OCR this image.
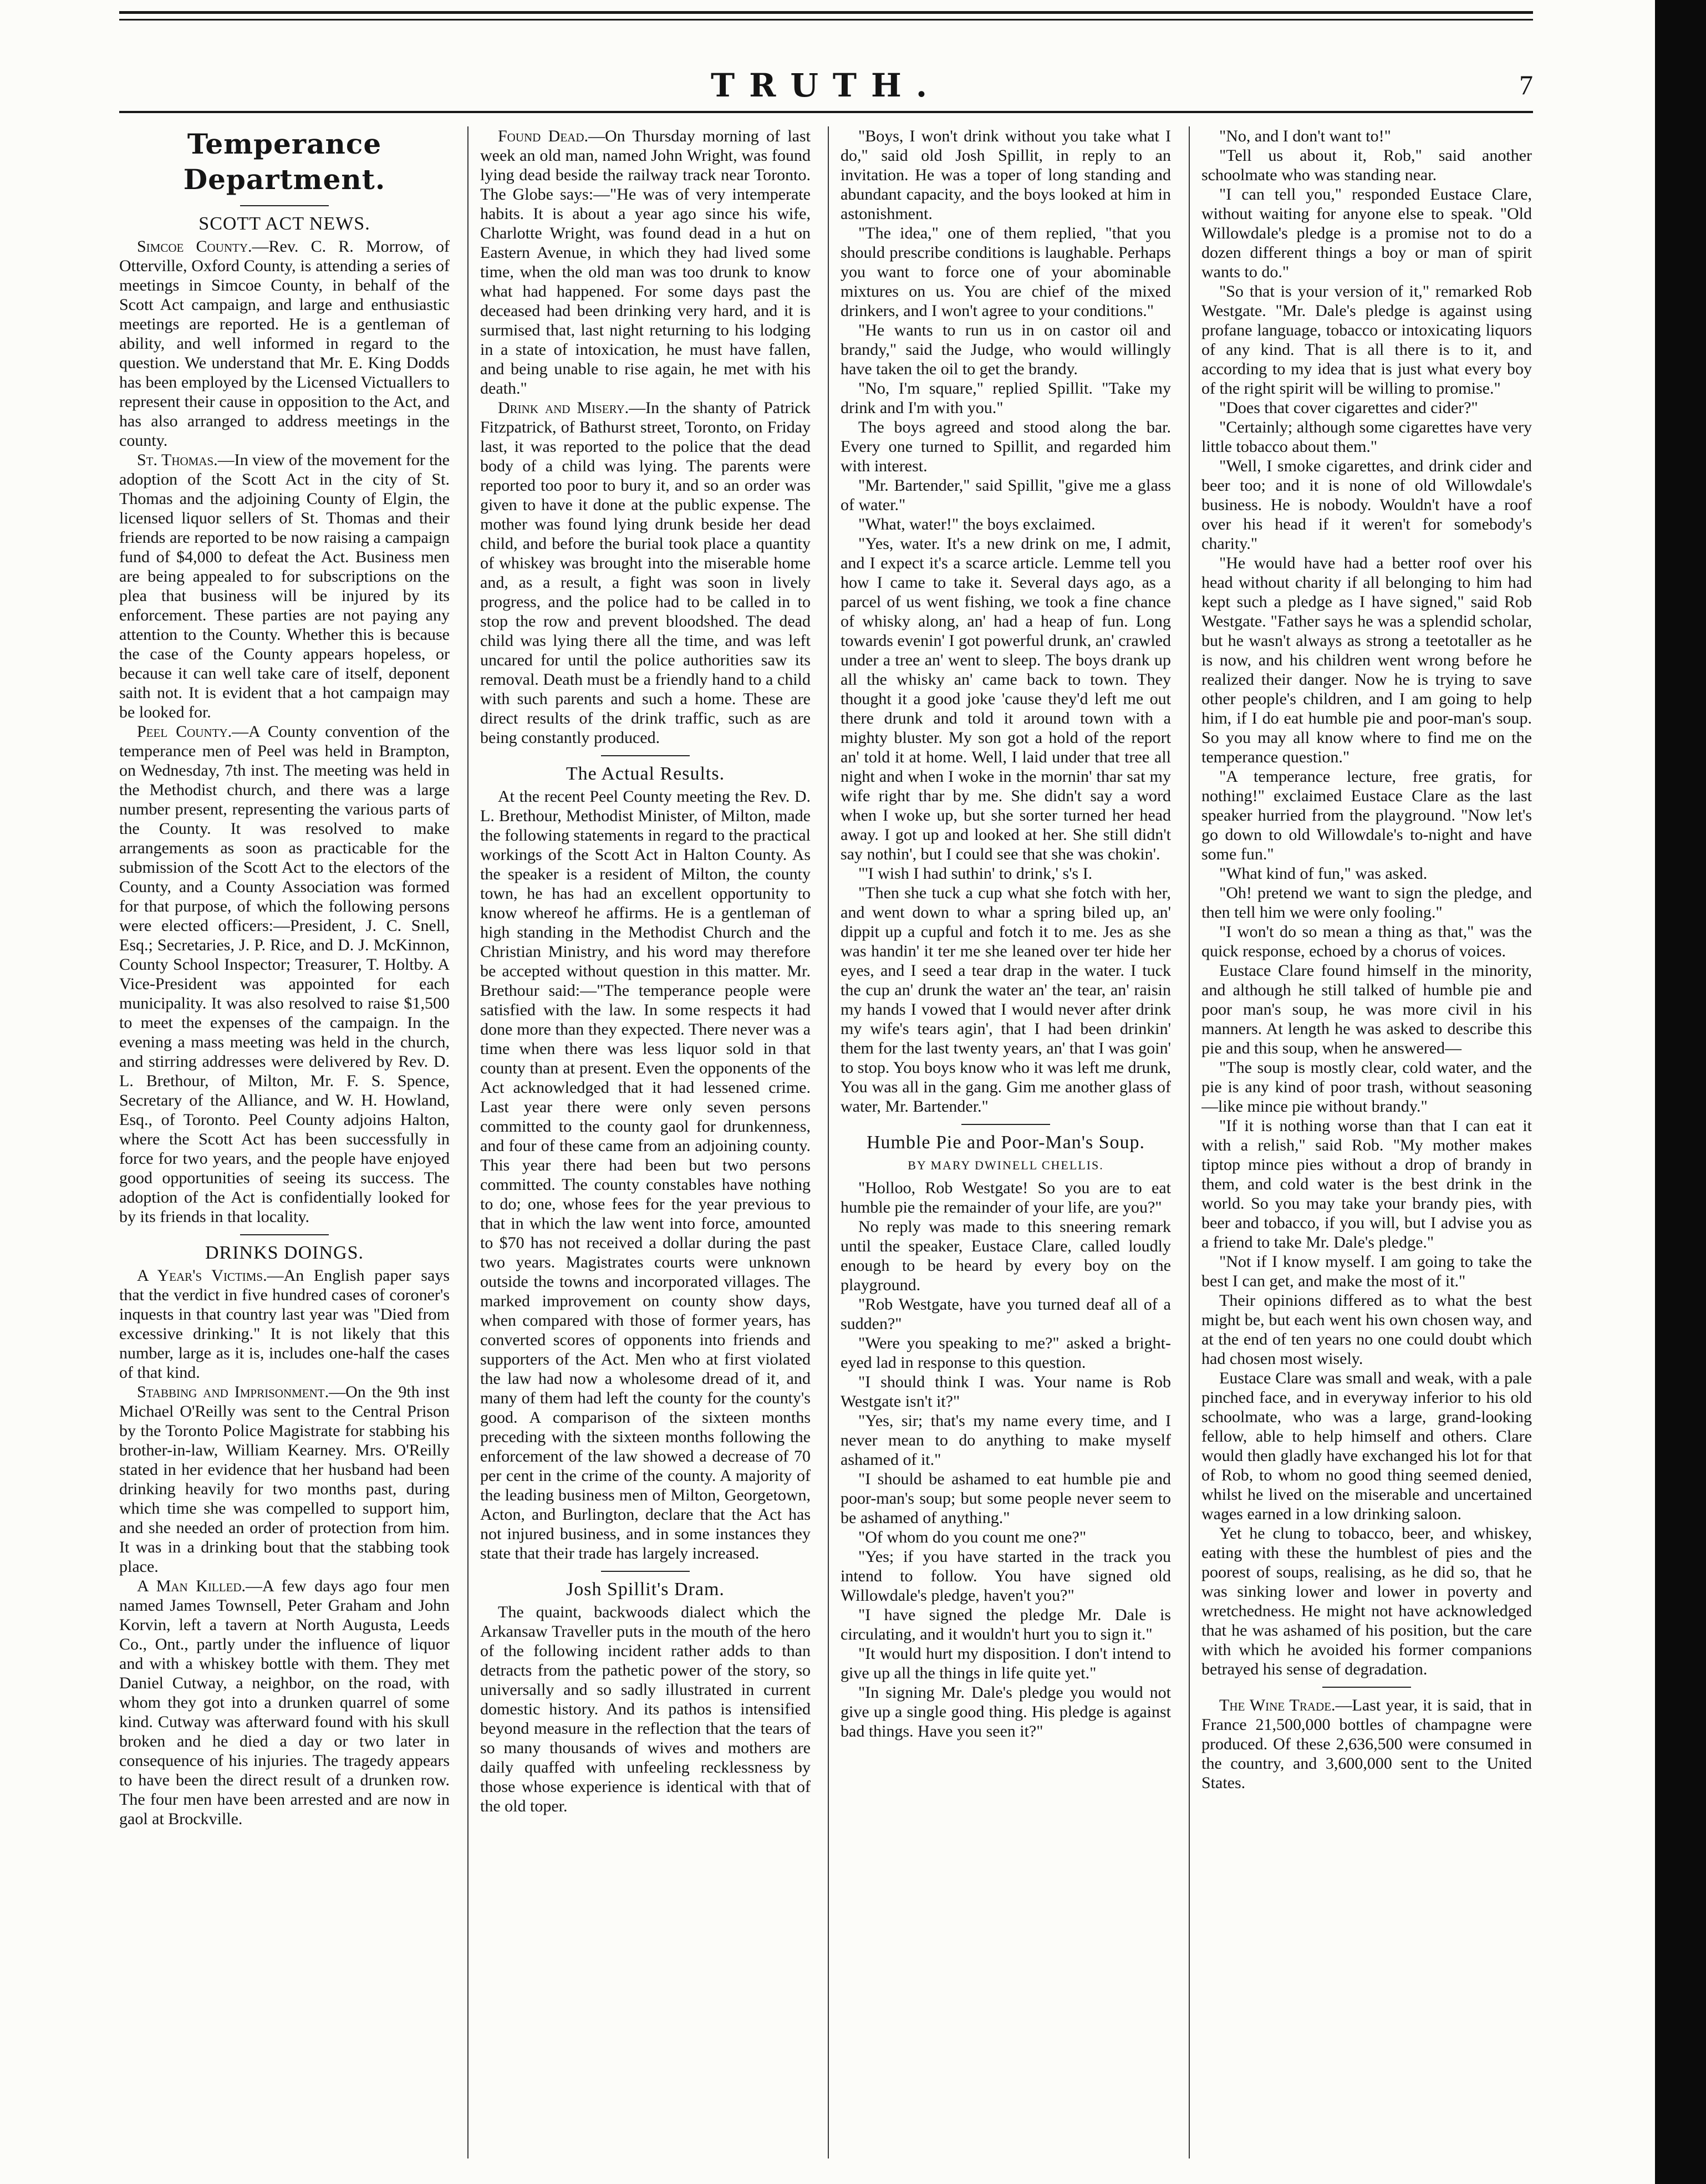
TRUTH.	7

Temperance Department.

SCOTT ACT NEWS.

Simcoe County.—Rev. C. R. Morrow, of Otterville, Oxford County, is attending a series of meetings in Simcoe County, in behalf of the Scott Act campaign, and large and enthusiastic meetings are reported. He is a gentleman of ability, and well informed in regard to the question. We understand that Mr. E. King Dodds has been employed by the Licensed Victuallers to represent their cause in opposition to the Act, and has also arranged to address meetings in the county.

St. Thomas.—In view of the movement for the adoption of the Scott Act in the city of St. Thomas and the adjoining County of Elgin, the licensed liquor sellers of St. Thomas and their friends are reported to be now raising a campaign fund of $4,000 to defeat the Act. Business men are being appealed to for subscriptions on the plea that business will be injured by its enforcement. These parties are not paying any attention to the County. Whether this is because the case of the County appears hopeless, or because it can well take care of itself, deponent saith not. It is evident that a hot campaign may be looked for.

Peel County.—A County convention of the temperance men of Peel was held in Brampton, on Wednesday, 7th inst. The meeting was held in the Methodist church, and there was a large number present, representing the various parts of the County. It was resolved to make arrangements as soon as practicable for the submission of the Scott Act to the electors of the County, and a County Association was formed for that purpose, of which the following persons were elected officers:—President, J. C. Snell, Esq.; Secretaries, J. P. Rice, and D. J. McKinnon, County School Inspector; Treasurer, T. Holtby. A Vice-President was appointed for each municipality. It was also resolved to raise $1,500 to meet the expenses of the campaign. In the evening a mass meeting was held in the church, and stirring addresses were delivered by Rev. D. L. Brethour, of Milton, Mr. F. S. Spence, Secretary of the Alliance, and W. H. Howland, Esq., of Toronto. Peel County adjoins Halton, where the Scott Act has been successfully in force for two years, and the people have enjoyed good opportunities of seeing its success. The adoption of the Act is confidentially looked for by its friends in that locality.

DRINKS DOINGS.

A Year's Victims.—An English paper says that the verdict in five hundred cases of coroner's inquests in that country last year was "Died from excessive drinking." It is not likely that this number, large as it is, includes one-half the cases of that kind.

Stabbing and Imprisonment.—On the 9th inst Michael O'Reilly was sent to the Central Prison by the Toronto Police Magistrate for stabbing his brother-in-law, William Kearney. Mrs. O'Reilly stated in her evidence that her husband had been drinking heavily for two months past, during which time she was compelled to support him, and she needed an order of protection from him. It was in a drinking bout that the stabbing took place.

A Man Killed.—A few days ago four men named James Townsell, Peter Graham and John Korvin, left a tavern at North Augusta, Leeds Co., Ont., partly under the influence of liquor and with a whiskey bottle with them. They met Daniel Cutway, a neighbor, on the road, with whom they got into a drunken quarrel of some kind. Cutway was afterward found with his skull broken and he died a day or two later in consequence of his injuries. The tragedy appears to have been the direct result of a drunken row. The four men have been arrested and are now in gaol at Brockville.

Found Dead.—On Thursday morning of last week an old man, named John Wright, was found lying dead beside the railway track near Toronto. The Globe says:—"He was of very intemperate habits. It is about a year ago since his wife, Charlotte Wright, was found dead in a hut on Eastern Avenue, in which they had lived some time, when the old man was too drunk to know what had happened. For some days past the deceased had been drinking very hard, and it is surmised that, last night returning to his lodging in a state of intoxication, he must have fallen, and being unable to rise again, he met with his death."

Drink and Misery.—In the shanty of Patrick Fitzpatrick, of Bathurst street, Toronto, on Friday last, it was reported to the police that the dead body of a child was lying. The parents were reported too poor to bury it, and so an order was given to have it done at the public expense. The mother was found lying drunk beside her dead child, and before the burial took place a quantity of whiskey was brought into the miserable home and, as a result, a fight was soon in lively progress, and the police had to be called in to stop the row and prevent bloodshed. The dead child was lying there all the time, and was left uncared for until the police authorities saw its removal. Death must be a friendly hand to a child with such parents and such a home. These are direct results of the drink traffic, such as are being constantly produced.

The Actual Results.

At the recent Peel County meeting the Rev. D. L. Brethour, Methodist Minister, of Milton, made the following statements in regard to the practical workings of the Scott Act in Halton County. As the speaker is a resident of Milton, the county town, he has had an excellent opportunity to know whereof he affirms. He is a gentleman of high standing in the Methodist Church and the Christian Ministry, and his word may therefore be accepted without question in this matter. Mr. Brethour said:—"The temperance people were satisfied with the law. In some respects it had done more than they expected. There never was a time when there was less liquor sold in that county than at present. Even the opponents of the Act acknowledged that it had lessened crime. Last year there were only seven persons committed to the county gaol for drunkenness, and four of these came from an adjoining county. This year there had been but two persons committed. The county constables have nothing to do; one, whose fees for the year previous to that in which the law went into force, amounted to $70 has not received a dollar during the past two years. Magistrates courts were unknown outside the towns and incorporated villages. The marked improvement on county show days, when compared with those of former years, has converted scores of opponents into friends and supporters of the Act. Men who at first violated the law had now a wholesome dread of it, and many of them had left the county for the county's good. A comparison of the sixteen months preceding with the sixteen months following the enforcement of the law showed a decrease of 70 per cent in the crime of the county. A majority of the leading business men of Milton, Georgetown, Acton, and Burlington, declare that the Act has not injured business, and in some instances they state that their trade has largely increased.

Josh Spillit's Dram.

The quaint, backwoods dialect which the Arkansaw Traveller puts in the mouth of the hero of the following incident rather adds to than detracts from the pathetic power of the story, so universally and so sadly illustrated in current domestic history. And its pathos is intensified beyond measure in the reflection that the tears of so many thousands of wives and mothers are daily quaffed with unfeeling recklessness by those whose experience is identical with that of the old toper.

"Boys, I won't drink without you take what I do," said old Josh Spillit, in reply to an invitation. He was a toper of long standing and abundant capacity, and the boys looked at him in astonishment.

"The idea," one of them replied, "that you should prescribe conditions is laughable. Perhaps you want to force one of your abominable mixtures on us. You are chief of the mixed drinkers, and I won't agree to your conditions."

"He wants to run us in on castor oil and brandy," said the Judge, who would willingly have taken the oil to get the brandy.

"No, I'm square," replied Spillit. "Take my drink and I'm with you."

The boys agreed and stood along the bar. Every one turned to Spillit, and regarded him with interest.

"Mr. Bartender," said Spillit, "give me a glass of water."

"What, water!" the boys exclaimed.

"Yes, water. It's a new drink on me, I admit, and I expect it's a scarce article. Lemme tell you how I came to take it. Several days ago, as a parcel of us went fishing, we took a fine chance of whisky along, an' had a heap of fun. Long towards evenin' I got powerful drunk, an' crawled under a tree an' went to sleep. The boys drank up all the whisky an' came back to town. They thought it a good joke 'cause they'd left me out there drunk and told it around town with a mighty bluster. My son got a hold of the report an' told it at home. Well, I laid under that tree all night and when I woke in the mornin' thar sat my wife right thar by me. She didn't say a word when I woke up, but she sorter turned her head away. I got up and looked at her. She still didn't say nothin', but I could see that she was chokin'.

"'I wish I had suthin' to drink,' s's I.

"Then she tuck a cup what she fotch with her, and went down to whar a spring biled up, an' dippit up a cupful and fotch it to me. Jes as she was handin' it ter me she leaned over ter hide her eyes, and I seed a tear drap in the water. I tuck the cup an' drunk the water an' the tear, an' raisin my hands I vowed that I would never after drink my wife's tears agin', that I had been drinkin' them for the last twenty years, an' that I was goin' to stop. You boys know who it was left me drunk, You was all in the gang. Gim me another glass of water, Mr. Bartender."

Humble Pie and Poor-Man's Soup.

BY MARY DWINELL CHELLIS.

"Holloo, Rob Westgate! So you are to eat humble pie the remainder of your life, are you?"

No reply was made to this sneering remark until the speaker, Eustace Clare, called loudly enough to be heard by every boy on the playground.

"Rob Westgate, have you turned deaf all of a sudden?"

"Were you speaking to me?" asked a bright-eyed lad in response to this question.

"I should think I was. Your name is Rob Westgate isn't it?"

"Yes, sir; that's my name every time, and I never mean to do anything to make myself ashamed of it."

"I should be ashamed to eat humble pie and poor-man's soup; but some people never seem to be ashamed of anything."

"Of whom do you count me one?"

"Yes; if you have started in the track you intend to follow. You have signed old Willowdale's pledge, haven't you?"

"I have signed the pledge Mr. Dale is circulating, and it wouldn't hurt you to sign it."

"It would hurt my disposition. I don't intend to give up all the things in life quite yet."

"In signing Mr. Dale's pledge you would not give up a single good thing. His pledge is against bad things. Have you seen it?"

"No, and I don't want to!"

"Tell us about it, Rob," said another schoolmate who was standing near.

"I can tell you," responded Eustace Clare, without waiting for anyone else to speak. "Old Willowdale's pledge is a promise not to do a dozen different things a boy or man of spirit wants to do."

"So that is your version of it," remarked Rob Westgate. "Mr. Dale's pledge is against using profane language, tobacco or intoxicating liquors of any kind. That is all there is to it, and according to my idea that is just what every boy of the right spirit will be willing to promise."

"Does that cover cigarettes and cider?"

"Certainly; although some cigarettes have very little tobacco about them."

"Well, I smoke cigarettes, and drink cider and beer too; and it is none of old Willowdale's business. He is nobody. Wouldn't have a roof over his head if it weren't for somebody's charity."

"He would have had a better roof over his head without charity if all belonging to him had kept such a pledge as I have signed," said Rob Westgate. "Father says he was a splendid scholar, but he wasn't always as strong a teetotaller as he is now, and his children went wrong before he realized their danger. Now he is trying to save other people's children, and I am going to help him, if I do eat humble pie and poor-man's soup. So you may all know where to find me on the temperance question."

"A temperance lecture, free gratis, for nothing!" exclaimed Eustace Clare as the last speaker hurried from the playground. "Now let's go down to old Willowdale's to-night and have some fun."

"What kind of fun," was asked.

"Oh! pretend we want to sign the pledge, and then tell him we were only fooling."

"I won't do so mean a thing as that," was the quick response, echoed by a chorus of voices.

Eustace Clare found himself in the minority, and although he still talked of humble pie and poor man's soup, he was more civil in his manners. At length he was asked to describe this pie and this soup, when he answered—

"The soup is mostly clear, cold water, and the pie is any kind of poor trash, without seasoning—like mince pie without brandy."

"If it is nothing worse than that I can eat it with a relish," said Rob. "My mother makes tiptop mince pies without a drop of brandy in them, and cold water is the best drink in the world. So you may take your brandy pies, with beer and tobacco, if you will, but I advise you as a friend to take Mr. Dale's pledge."

"Not if I know myself. I am going to take the best I can get, and make the most of it."

Their opinions differed as to what the best might be, but each went his own chosen way, and at the end of ten years no one could doubt which had chosen most wisely.

Eustace Clare was small and weak, with a pale pinched face, and in everyway inferior to his old schoolmate, who was a large, grand-looking fellow, able to help himself and others. Clare would then gladly have exchanged his lot for that of Rob, to whom no good thing seemed denied, whilst he lived on the miserable and uncertained wages earned in a low drinking saloon.

Yet he clung to tobacco, beer, and whiskey, eating with these the humblest of pies and the poorest of soups, realising, as he did so, that he was sinking lower and lower in poverty and wretchedness. He might not have acknowledged that he was ashamed of his position, but the care with which he avoided his former companions betrayed his sense of degradation.

The Wine Trade.—Last year, it is said, that in France 21,500,000 bottles of champagne were produced. Of these 2,636,500 were consumed in the country, and 3,600,000 sent to the United States.
